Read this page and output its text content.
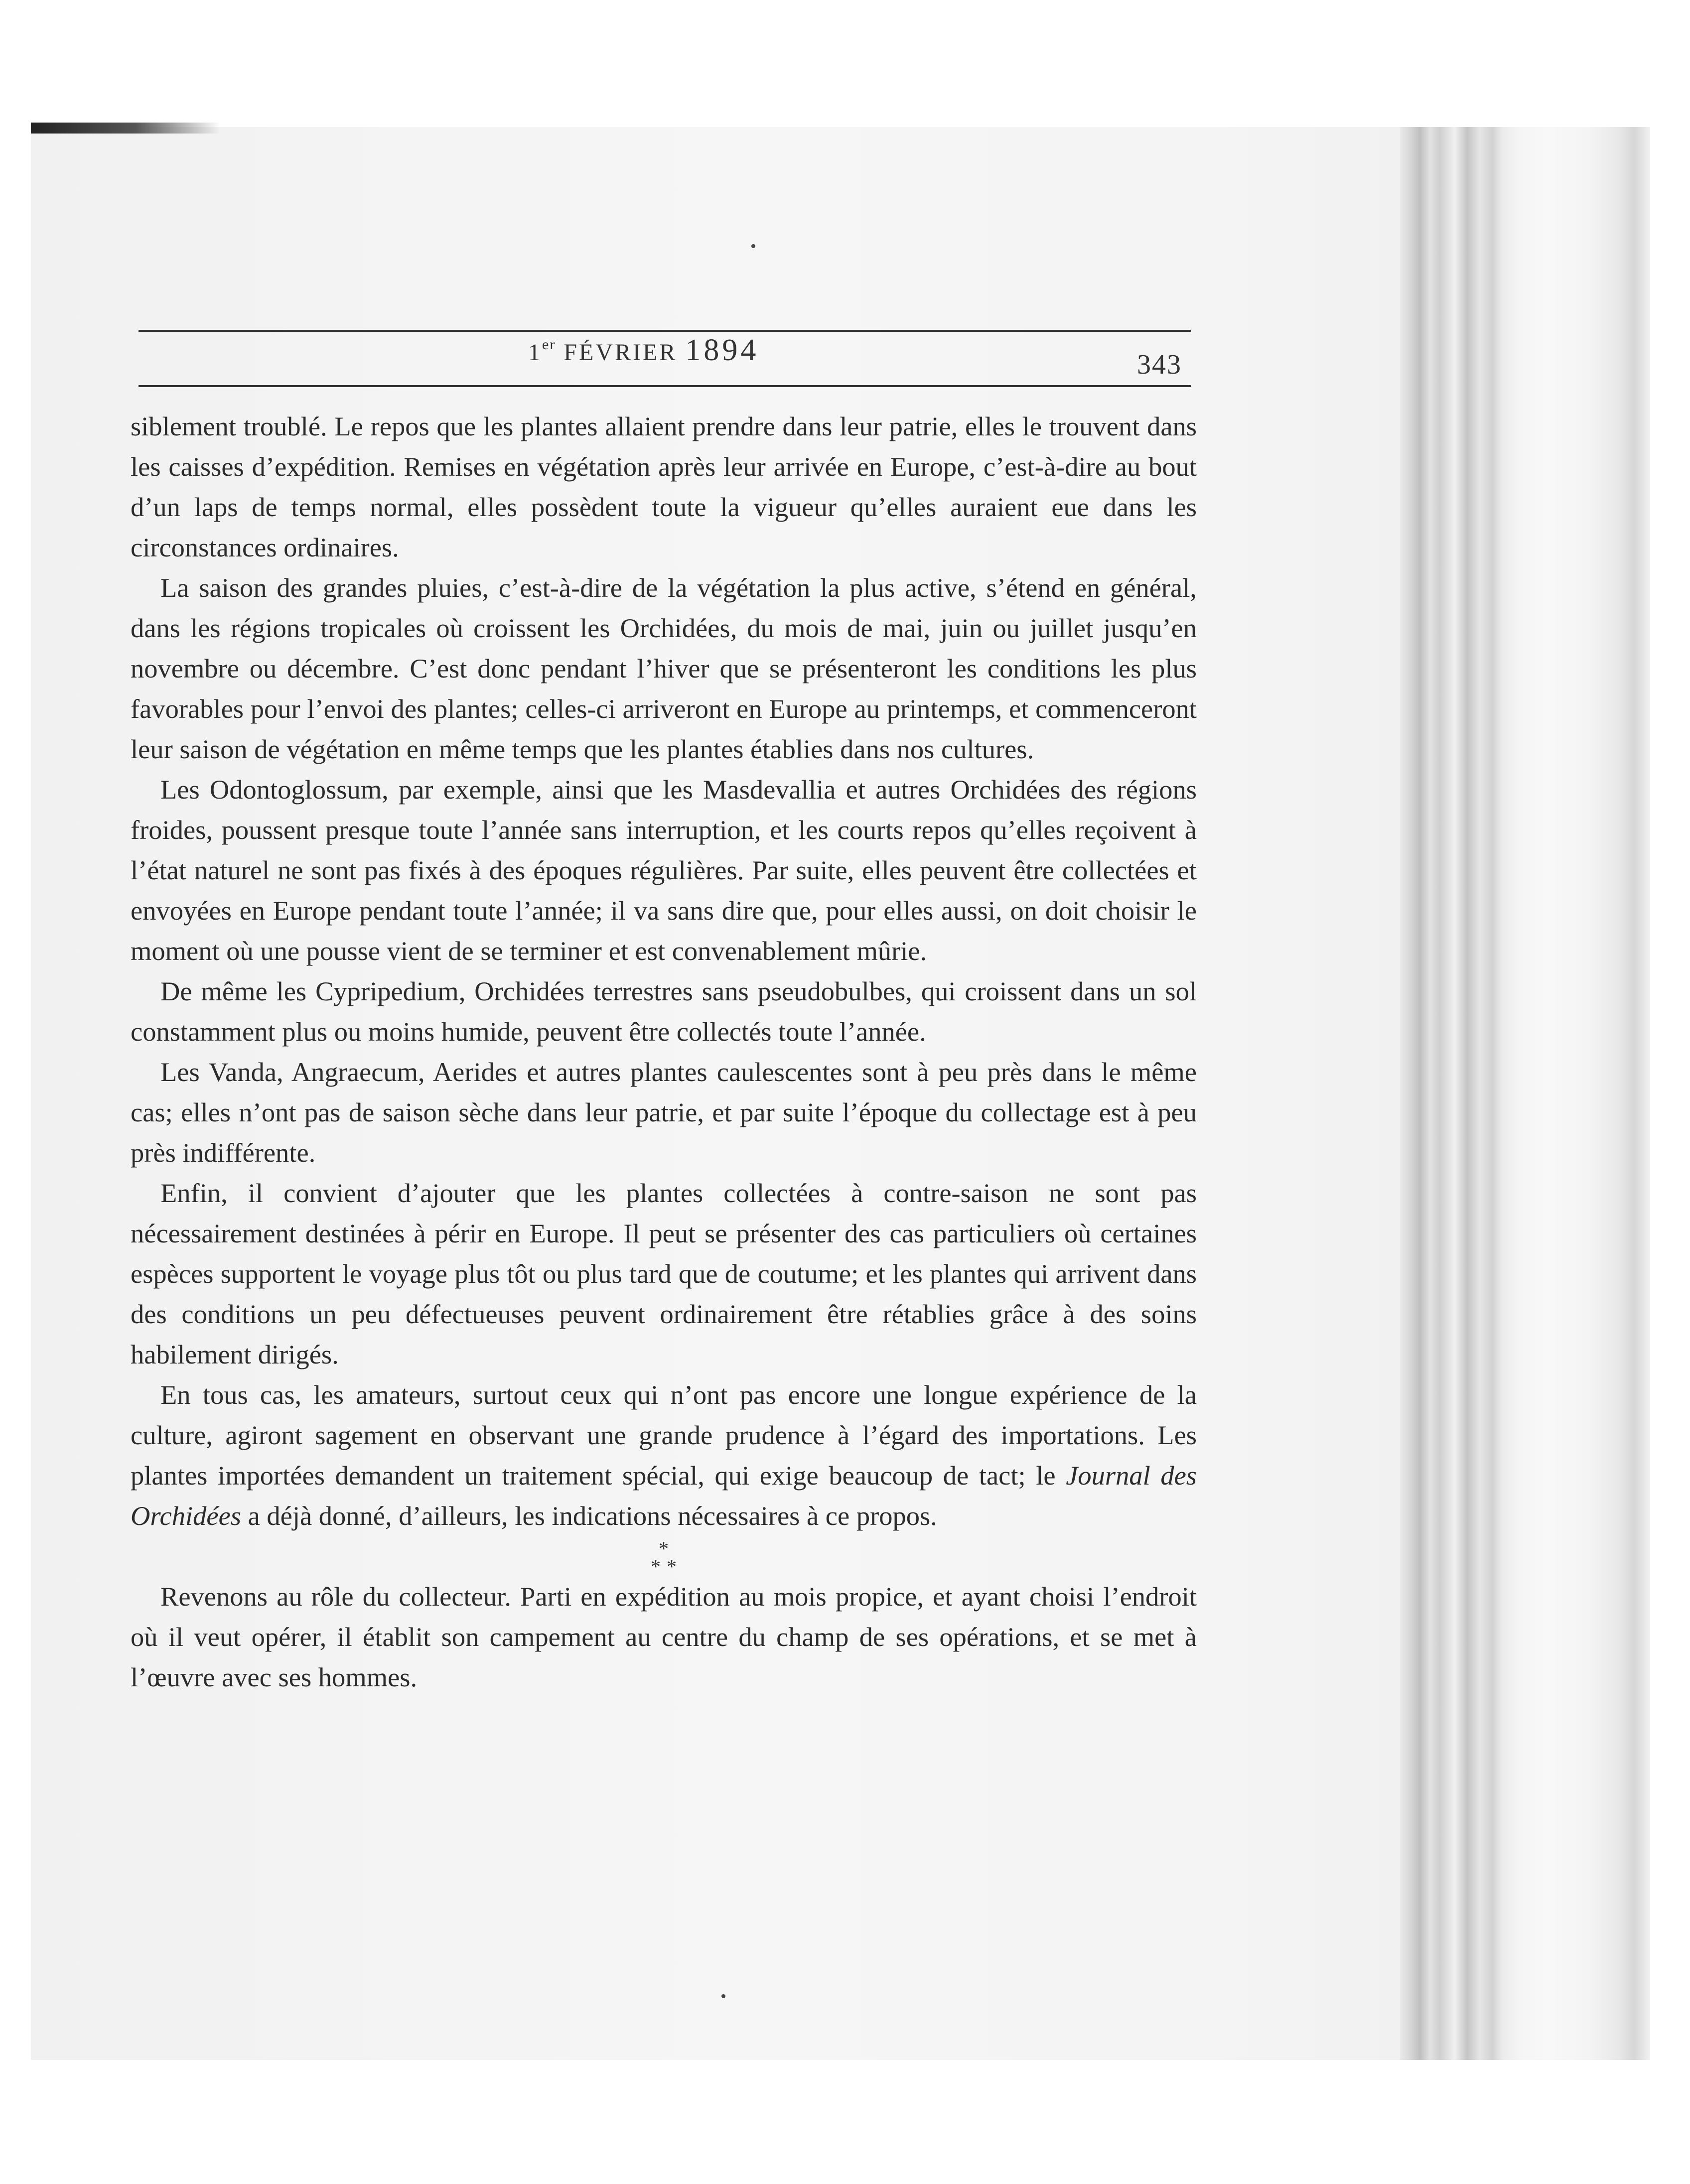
1er FÉVRIER 1894	343

siblement troublé. Le repos que les plantes allaient prendre dans leur patrie, elles le trouvent dans les caisses d’expédition. Remises en végétation après leur arrivée en Europe, c’est-à-dire au bout d’un laps de temps normal, elles possèdent toute la vigueur qu’elles auraient eue dans les circonstances ordinaires.

La saison des grandes pluies, c’est-à-dire de la végétation la plus active, s’étend en général, dans les régions tropicales où croissent les Orchidées, du mois de mai, juin ou juillet jusqu’en novembre ou décembre. C’est donc pendant l’hiver que se présenteront les conditions les plus favorables pour l’envoi des plantes; celles-ci arriveront en Europe au printemps, et commenceront leur saison de végétation en même temps que les plantes établies dans nos cultures.

Les Odontoglossum, par exemple, ainsi que les Masdevallia et autres Orchidées des régions froides, poussent presque toute l’année sans interruption, et les courts repos qu’elles reçoivent à l’état naturel ne sont pas fixés à des époques régulières. Par suite, elles peuvent être collectées et envoyées en Europe pendant toute l’année; il va sans dire que, pour elles aussi, on doit choisir le moment où une pousse vient de se terminer et est convenablement mûrie.

De même les Cypripedium, Orchidées terrestres sans pseudobulbes, qui croissent dans un sol constamment plus ou moins humide, peuvent être collectés toute l’année.

Les Vanda, Angraecum, Aerides et autres plantes caulescentes sont à peu près dans le même cas; elles n’ont pas de saison sèche dans leur patrie, et par suite l’époque du collectage est à peu près indifférente.

Enfin, il convient d’ajouter que les plantes collectées à contre-saison ne sont pas nécessairement destinées à périr en Europe. Il peut se présenter des cas particuliers où certaines espèces supportent le voyage plus tôt ou plus tard que de coutume; et les plantes qui arrivent dans des conditions un peu défectueuses peuvent ordinairement être rétablies grâce à des soins habilement dirigés.

En tous cas, les amateurs, surtout ceux qui n’ont pas encore une longue expérience de la culture, agiront sagement en observant une grande prudence à l’égard des importations. Les plantes importées demandent un traitement spécial, qui exige beaucoup de tact; le Journal des Orchidées a déjà donné, d’ailleurs, les indications nécessaires à ce propos.

*
* *

Revenons au rôle du collecteur. Parti en expédition au mois propice, et ayant choisi l’endroit où il veut opérer, il établit son campement au centre du champ de ses opérations, et se met à l’œuvre avec ses hommes.
